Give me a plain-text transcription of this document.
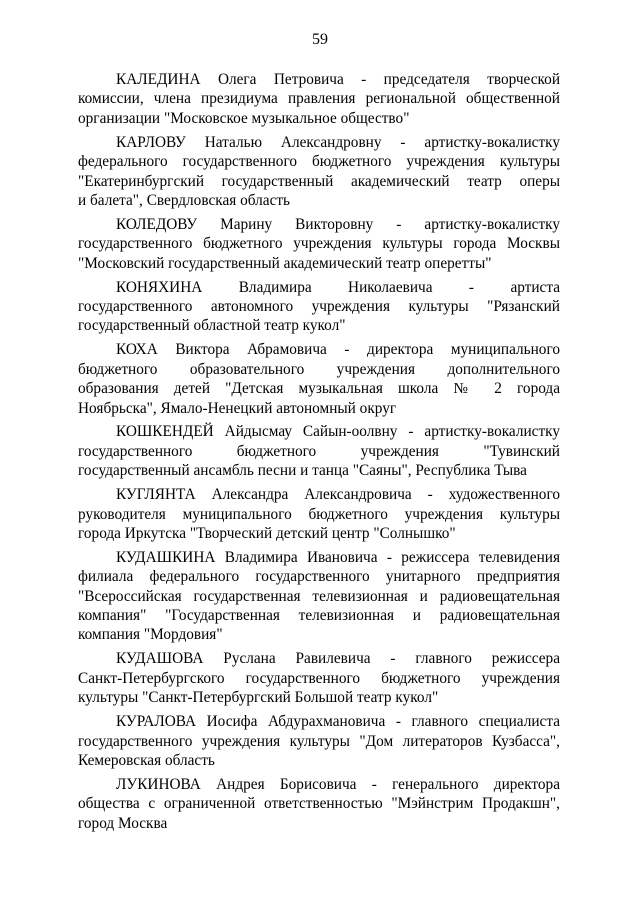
59
КАЛЕДИНА Олега Петровича - председателя творческой
комиссии, члена президиума правления региональной общественной
организации "Московское музыкальное общество"
КАРЛОВУ Наталью Александровну - артистку-вокалистку
федерального государственного бюджетного учреждения культуры
"Екатеринбургский государственный академический театр оперы
и балета", Свердловская область
КОЛЕДОВУ Марину Викторовну - артистку-вокалистку
государственного бюджетного учреждения культуры города Москвы
"Московский государственный академический театр оперетты"
КОНЯХИНА Владимира Николаевича - артиста
государственного автономного учреждения культуры "Рязанский
государственный областной театр кукол"
КОХА Виктора Абрамовича - директора муниципального
бюджетного образовательного учреждения дополнительного
образования детей "Детская музыкальная школа № 2 города
Ноябрьска", Ямало-Ненецкий автономный округ
КОШКЕНДЕЙ Айдысмау Сайын-оолвну - артистку-вокалистку
государственного бюджетного учреждения "Тувинский
государственный ансамбль песни и танца "Саяны", Республика Тыва
КУГЛЯНТА Александра Александровича - художественного
руководителя муниципального бюджетного учреждения культуры
города Иркутска "Творческий детский центр "Солнышко"
КУДАШКИНА Владимира Ивановича - режиссера телевидения
филиала федерального государственного унитарного предприятия
"Всероссийская государственная телевизионная и радиовещательная
компания" "Государственная телевизионная и радиовещательная
компания "Мордовия"
КУДАШОВА Руслана Равилевича - главного режиссера
Санкт-Петербургского государственного бюджетного учреждения
культуры "Санкт-Петербургский Большой театр кукол"
КУРАЛОВА Иосифа Абдурахмановича - главного специалиста
государственного учреждения культуры "Дом литераторов Кузбасса",
Кемеровская область
ЛУКИНОВА Андрея Борисовича - генерального директора
общества с ограниченной ответственностью "Мэйнстрим Продакшн",
город Москва
